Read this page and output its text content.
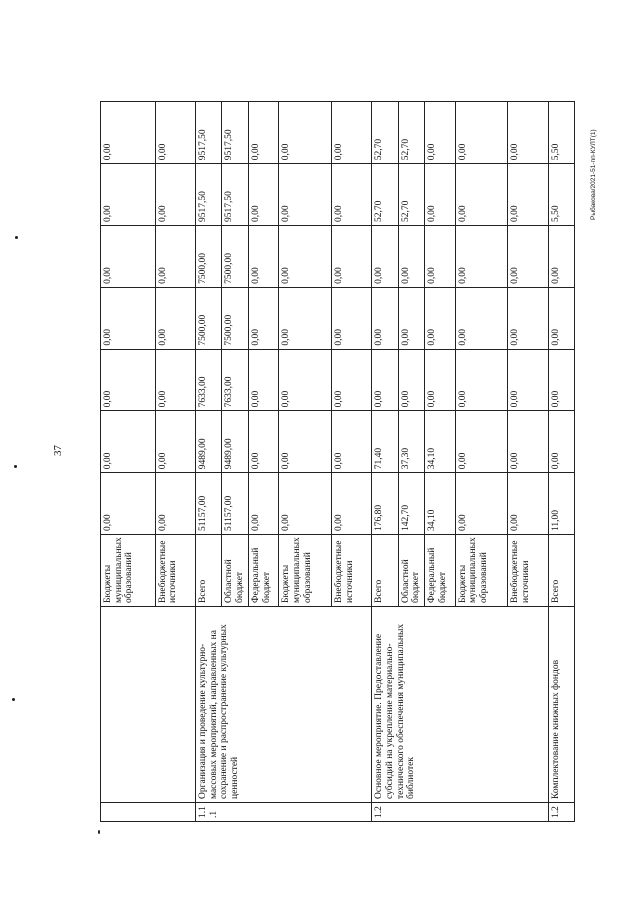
37
Рыбакова/2021-51-пп-КУЛТ(1)
		Бюджеты муниципальных образований	0,00	0,00	0,00	0,00	0,00	0,00	0,00
		Внебюджетные источники	0,00	0,00	0,00	0,00	0,00	0,00	0,00
1.1 .1	Организация и проведение культурно-массовых мероприятий, направленных на сохранение и распространение культурных ценностей	Всего	51157,00	9489,00	7633,00	7500,00	7500,00	9517,50	9517,50
		Областной бюджет	51157,00	9489,00	7633,00	7500,00	7500,00	9517,50	9517,50
		Федеральный бюджет	0,00	0,00	0,00	0,00	0,00	0,00	0,00
		Бюджеты муниципальных образований	0,00	0,00	0,00	0,00	0,00	0,00	0,00
		Внебюджетные источники	0,00	0,00	0,00	0,00	0,00	0,00	0,00
1.2	Основное мероприятие. Предоставление субсидий на укрепление материально-технического обеспечения муниципальных библиотек	Всего	176,80	71,40	0,00	0,00	0,00	52,70	52,70
		Областной бюджет	142,70	37,30	0,00	0,00	0,00	52,70	52,70
		Федеральный бюджет	34,10	34,10	0,00	0,00	0,00	0,00	0,00
		Бюджеты муниципальных образований	0,00	0,00	0,00	0,00	0,00	0,00	0,00
		Внебюджетные источники	0,00	0,00	0,00	0,00	0,00	0,00	0,00
1.2	Комплектование книжных фондов	Всего	11,00	0,00	0,00	0,00	0,00	5,50	5,50
